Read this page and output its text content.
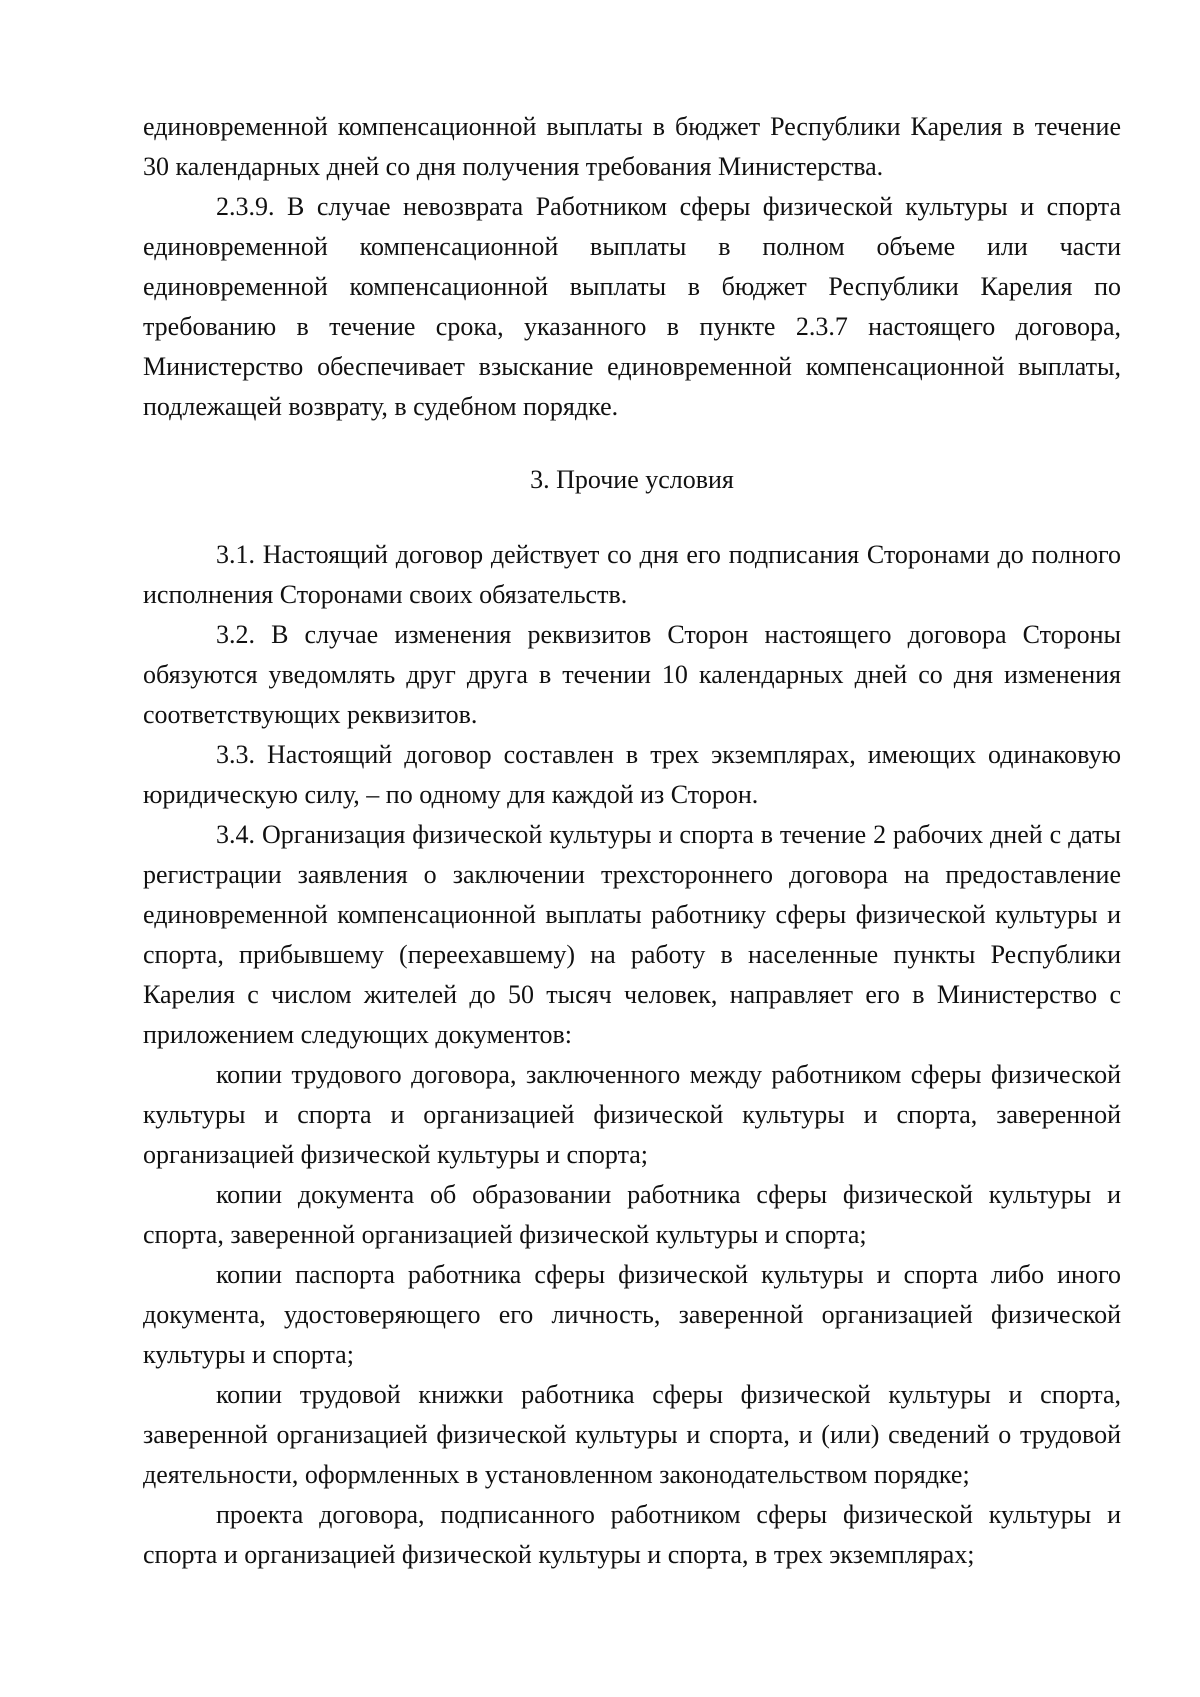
единовременной компенсационной выплаты в бюджет Республики Карелия в течение 30 календарных дней со дня получения требования Министерства.

2.3.9. В случае невозврата Работником сферы физической культуры и спорта единовременной компенсационной выплаты в полном объеме или части единовременной компенсационной выплаты в бюджет Республики Карелия по требованию в течение срока, указанного в пункте 2.3.7 настоящего договора, Министерство обеспечивает взыскание единовременной компенсационной выплаты, подлежащей возврату, в судебном порядке.

3. Прочие условия

3.1. Настоящий договор действует со дня его подписания Сторонами до полного исполнения Сторонами своих обязательств.

3.2. В случае изменения реквизитов Сторон настоящего договора Стороны обязуются уведомлять друг друга в течении 10 календарных дней со дня изменения соответствующих реквизитов.

3.3. Настоящий договор составлен в трех экземплярах, имеющих одинаковую юридическую силу, – по одному для каждой из Сторон.

3.4. Организация физической культуры и спорта в течение 2 рабочих дней с даты регистрации заявления о заключении трехстороннего договора на предоставление единовременной компенсационной выплаты работнику сферы физической культуры и спорта, прибывшему (переехавшему) на работу в населенные пункты Республики Карелия с числом жителей до 50 тысяч человек, направляет его в Министерство с приложением следующих документов:

копии трудового договора, заключенного между работником сферы физической культуры и спорта и организацией физической культуры и спорта, заверенной организацией физической культуры и спорта;

копии документа об образовании работника сферы физической культуры и спорта, заверенной организацией физической культуры и спорта;

копии паспорта работника сферы физической культуры и спорта либо иного документа, удостоверяющего его личность, заверенной организацией физической культуры и спорта;

копии трудовой книжки работника сферы физической культуры и спорта, заверенной организацией физической культуры и спорта, и (или) сведений о трудовой деятельности, оформленных в установленном законодательством порядке;

проекта договора, подписанного работником сферы физической культуры и спорта и организацией физической культуры и спорта, в трех экземплярах;
